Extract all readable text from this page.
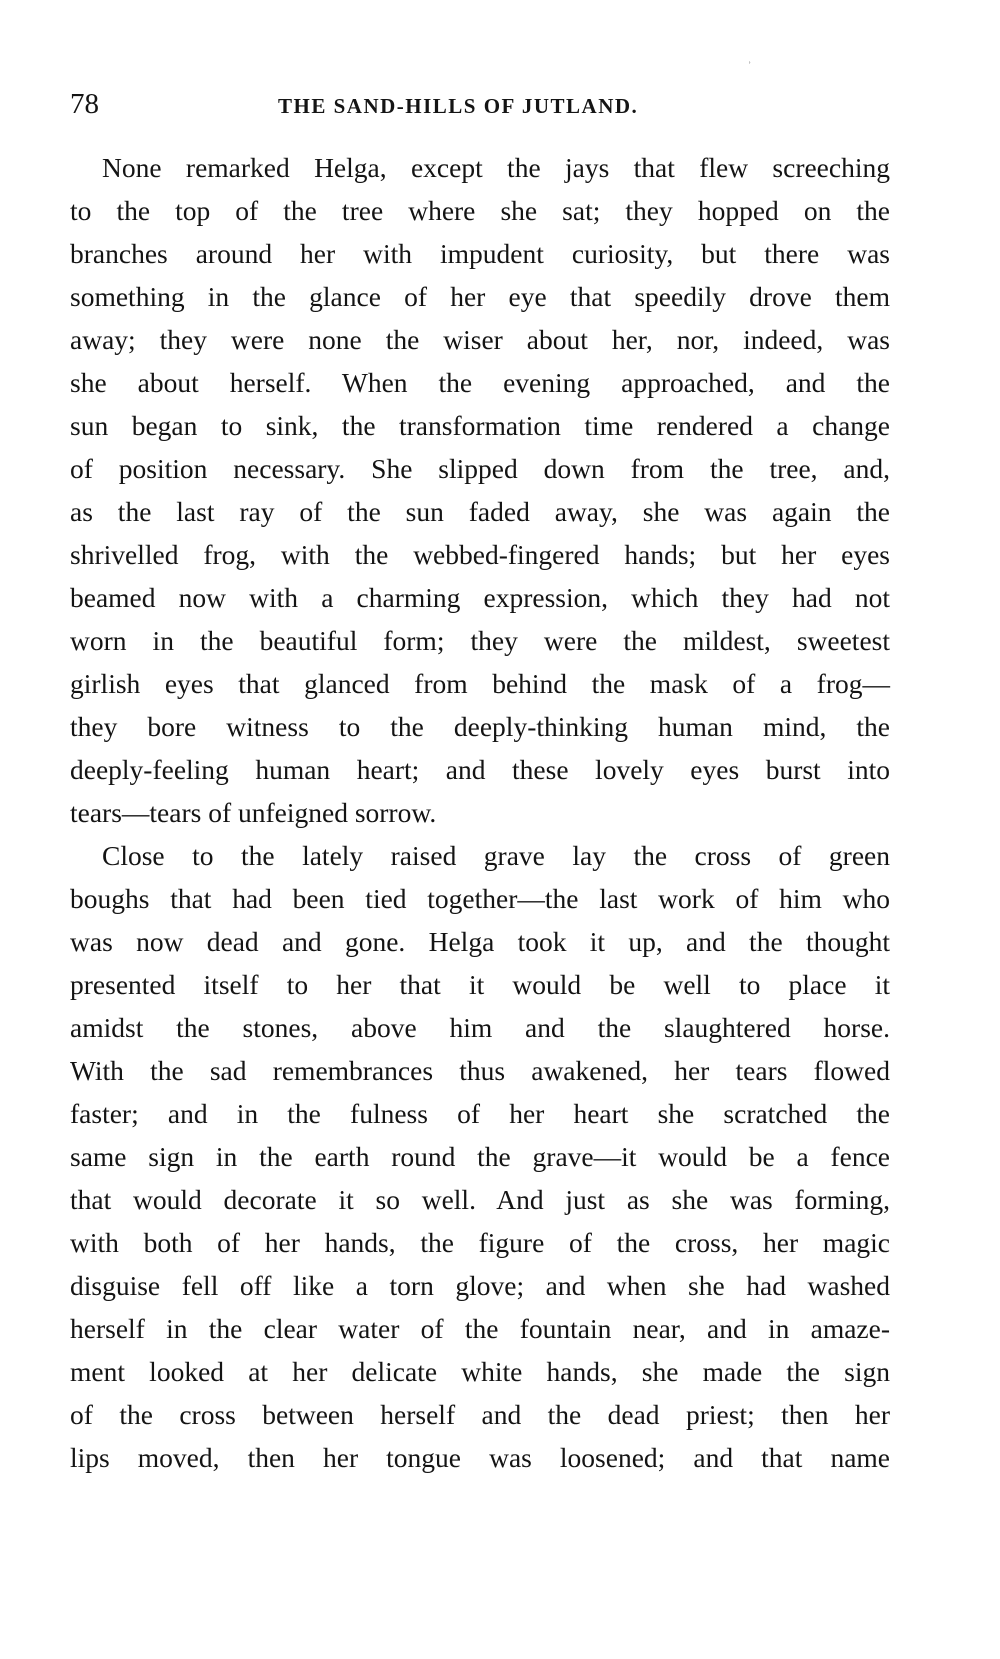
ʾ
78	THE SAND-HILLS OF JUTLAND.
None remarked Helga, except the jays that flew screeching
to the top of the tree where she sat; they hopped on the
branches around her with impudent curiosity, but there was
something in the glance of her eye that speedily drove them
away; they were none the wiser about her, nor, indeed, was
she about herself. When the evening approached, and the
sun began to sink, the transformation time rendered a change
of position necessary. She slipped down from the tree, and,
as the last ray of the sun faded away, she was again the
shrivelled frog, with the webbed-fingered hands; but her eyes
beamed now with a charming expression, which they had not
worn in the beautiful form; they were the mildest, sweetest
girlish eyes that glanced from behind the mask of a frog—
they bore witness to the deeply-thinking human mind, the
deeply-feeling human heart; and these lovely eyes burst into
tears—tears of unfeigned sorrow.
Close to the lately raised grave lay the cross of green
boughs that had been tied together—the last work of him who
was now dead and gone. Helga took it up, and the thought
presented itself to her that it would be well to place it
amidst the stones, above him and the slaughtered horse.
With the sad remembrances thus awakened, her tears flowed
faster; and in the fulness of her heart she scratched the
same sign in the earth round the grave—it would be a fence
that would decorate it so well. And just as she was forming,
with both of her hands, the figure of the cross, her magic
disguise fell off like a torn glove; and when she had washed
herself in the clear water of the fountain near, and in amaze-
ment looked at her delicate white hands, she made the sign
of the cross between herself and the dead priest; then her
lips moved, then her tongue was loosened; and that name
